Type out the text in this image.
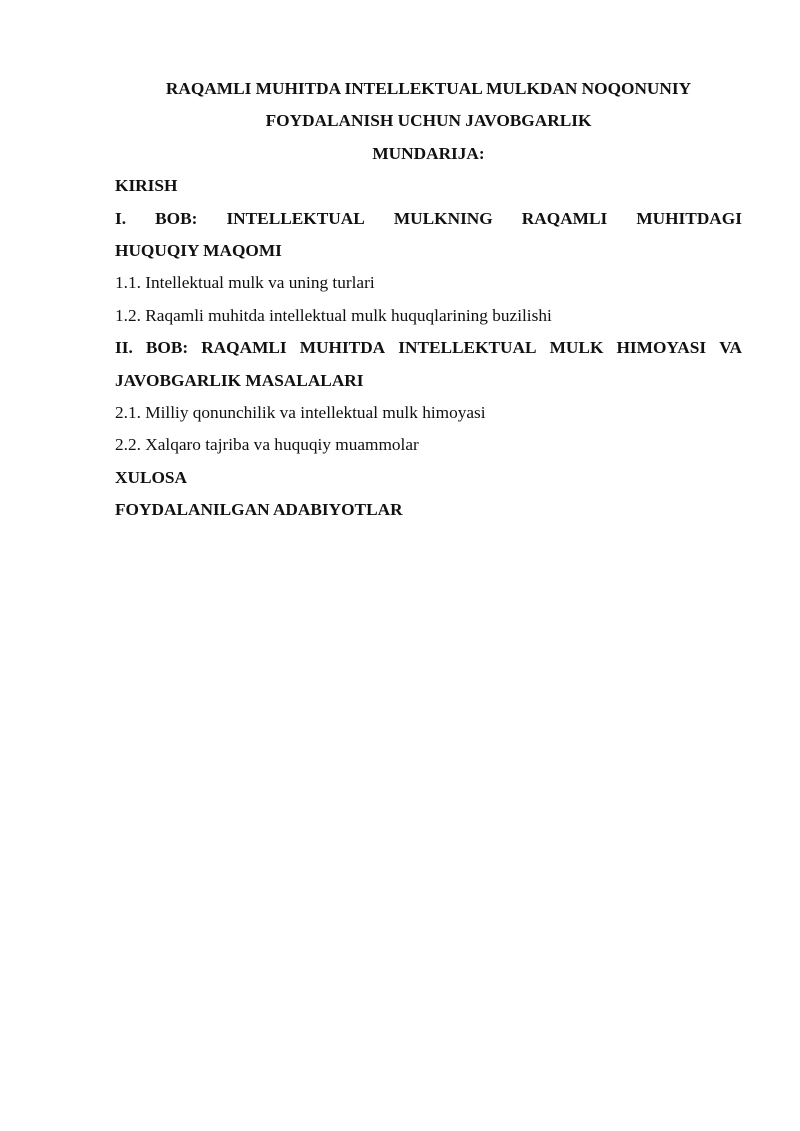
RAQAMLI MUHITDA INTELLEKTUAL MULKDAN NOQONUNIY
FOYDALANISH UCHUN JAVOBGARLIK
MUNDARIJA:
KIRISH
I. BOB: INTELLEKTUAL MULKNING RAQAMLI MUHITDAGI
HUQUQIY MAQOMI
1.1. Intellektual mulk va uning turlari
1.2. Raqamli muhitda intellektual mulk huquqlarining buzilishi
II. BOB: RAQAMLI MUHITDA INTELLEKTUAL MULK HIMOYASI VA
JAVOBGARLIK MASALALARI
2.1. Milliy qonunchilik va intellektual mulk himoyasi
2.2. Xalqaro tajriba va huquqiy muammolar
XULOSA
FOYDALANILGAN ADABIYOTLAR
